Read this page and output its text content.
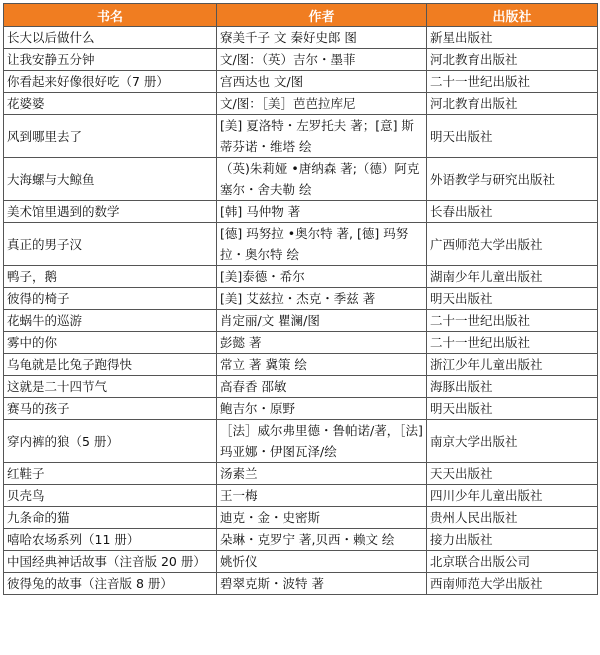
书名	作者	出版社
长大以后做什么	寮美千子 文 秦好史郎 图	新星出版社
让我安静五分钟	文/图：（英）吉尔・墨菲	河北教育出版社
你看起来好像很好吃（7 册）	宫西达也 文/图	二十一世纪出版社
花婆婆	文/图：［美］芭芭拉库尼	河北教育出版社
风到哪里去了	[美] 夏洛特・左罗托夫 著；[意] 斯蒂芬诺・维塔 绘	明天出版社
大海螺与大鲸鱼	（英)朱莉娅 •唐纳森 著;（德）阿克塞尔・舍夫勒 绘	外语教学与研究出版社
美术馆里遇到的数学	[韩] 马仲物 著	长春出版社
真正的男子汉	[德] 玛努拉 •奥尔特 著, [德] 玛努拉・奥尔特 绘	广西师范大学出版社
鸭子，鹅	[美]泰德・希尔	湖南少年儿童出版社
彼得的椅子	[美] 艾兹拉・杰克・季兹 著	明天出版社
花蜗牛的巡游	肖定丽/文 瞿澜/图	二十一世纪出版社
雾中的你	彭懿 著	二十一世纪出版社
乌龟就是比兔子跑得快	常立 著 冀策 绘	浙江少年儿童出版社
这就是二十四节气	高春香 邵敏	海豚出版社
赛马的孩子	鲍吉尔・原野	明天出版社
穿内裤的狼（5 册）	［法］威尔弗里德・鲁帕诺/著，［法]玛亚娜・伊图瓦泽/绘	南京大学出版社
红鞋子	汤素兰	天天出版社
贝壳鸟	王一梅	四川少年儿童出版社
九条命的猫	迪克・金・史密斯	贵州人民出版社
嘻哈农场系列（11 册）	朵琳・克罗宁 著,贝西・赖文 绘	接力出版社
中国经典神话故事（注音版 20 册）	姚忻仪	北京联合出版公司
彼得兔的故事（注音版 8 册）	碧翠克斯・波特 著	西南师范大学出版社
